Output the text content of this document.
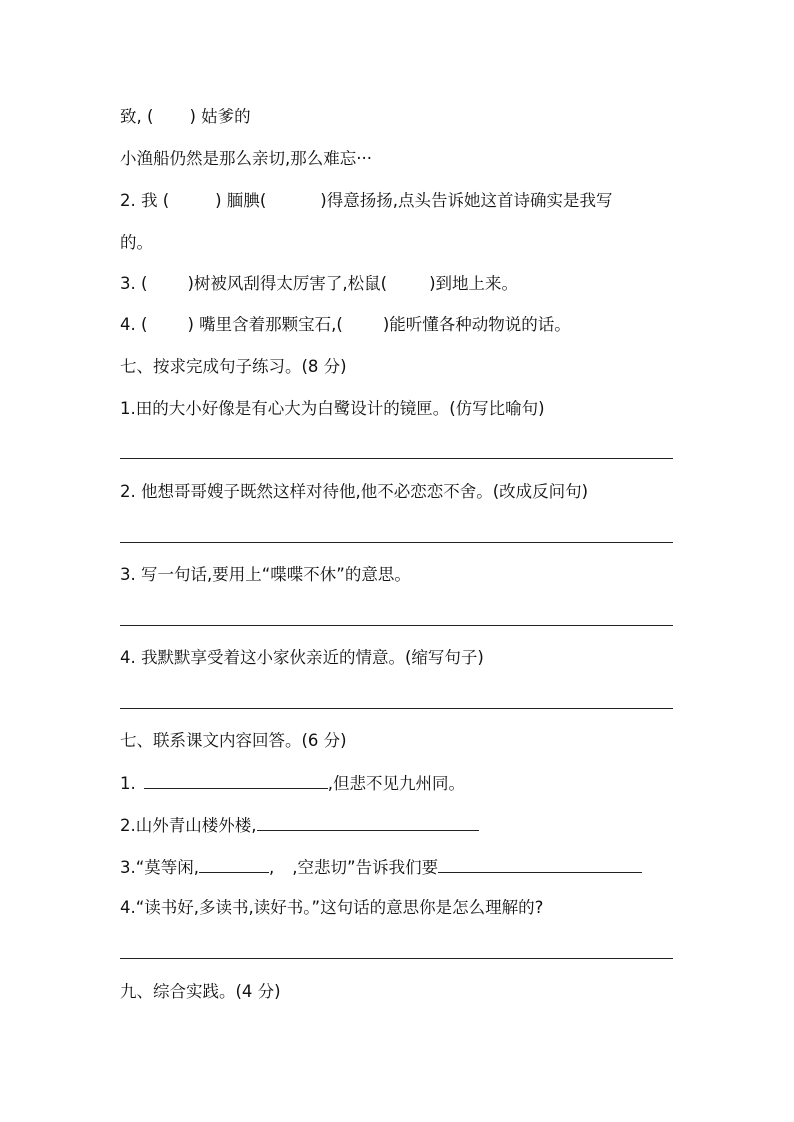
致, ( ) 姑爹的
小渔船仍然是那么亲切,那么难忘···
2. 我 (	) 腼腆(	)得意扬扬,点头告诉她这首诗确实是我写
的。
3. ( )树被风刮得太厉害了,松鼠(	)到地上来。
4. ( ) 嘴里含着那颗宝石,( )能听懂各种动物说的话。
七、按求完成句子练习。(8 分)
1.田的大小好像是有心大为白鹭设计的镜匣。(仿写比喻句)
2. 他想哥哥嫂子既然这样对待他,他不必恋恋不舍。(改成反问句)
3. 写一句话,要用上“喋喋不休”的意思。
4. 我默默享受着这小家伙亲近的情意。(缩写句子)
七、联系课文内容回答。(6 分)
1.	,但悲不见九州同。
2.山外青山楼外楼,
3.“莫等闲,	, ,空悲切”告诉我们要
4.“读书好,多读书,读好书。”这句话的意思你是怎么理解的?
九、综合实践。(4 分)
